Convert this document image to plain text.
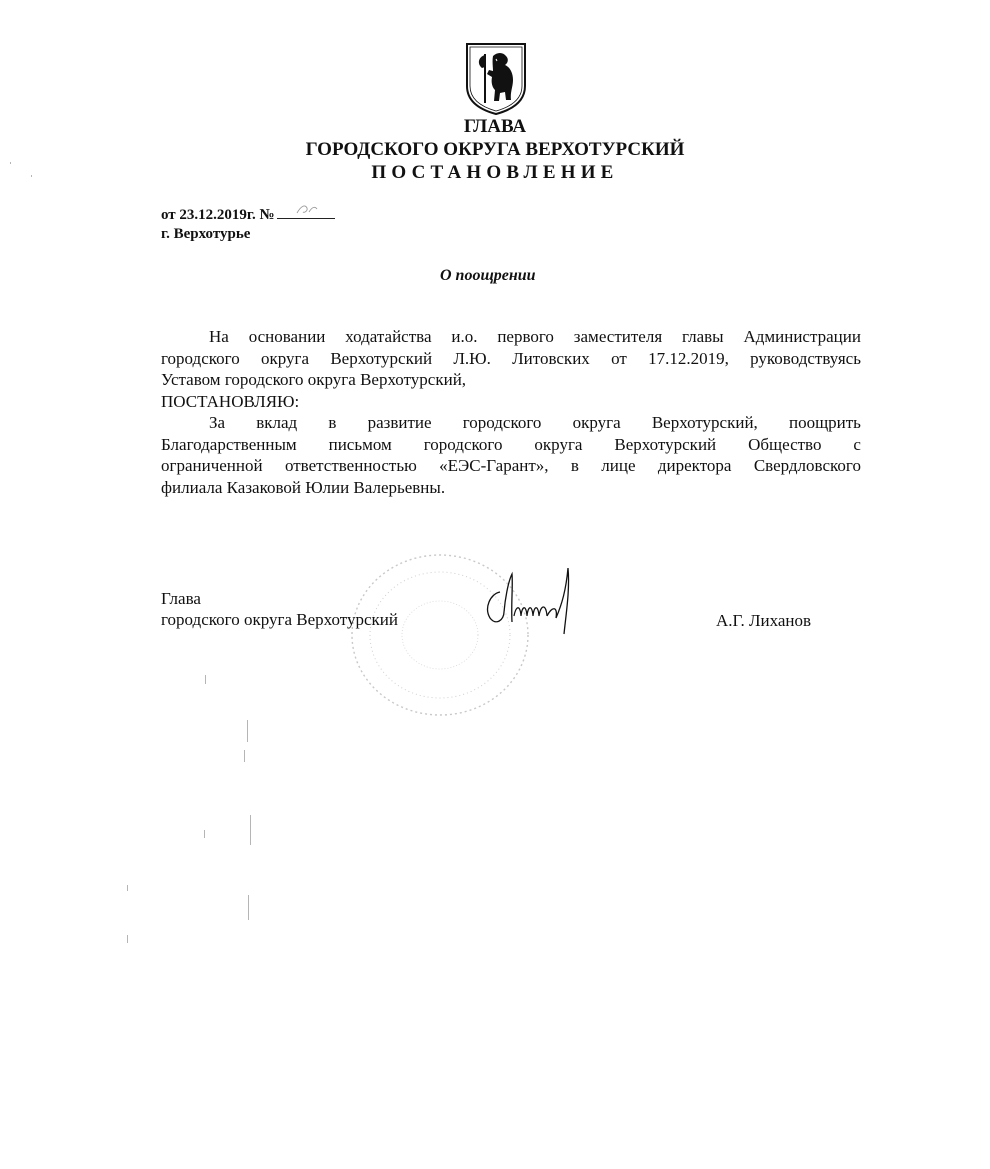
ГЛАВА
ГОРОДСКОГО ОКРУГА ВЕРХОТУРСКИЙ
ПОСТАНОВЛЕНИЕ
от 23.12.2019г. №
г. Верхотурье
О поощрении
На основании ходатайства и.о. первого заместителя главы Администрации
городского округа Верхотурский Л.Ю. Литовских от 17.12.2019, руководствуясь
Уставом городского округа Верхотурский,
ПОСТАНОВЛЯЮ:
За вклад в развитие городского округа Верхотурский, поощрить
Благодарственным письмом городского округа Верхотурский Общество с
ограниченной ответственностью «ЕЭС-Гарант», в лице директора Свердловского
филиала Казаковой Юлии Валерьевны.
Глава
городского округа Верхотурский	А.Г. Лиханов
